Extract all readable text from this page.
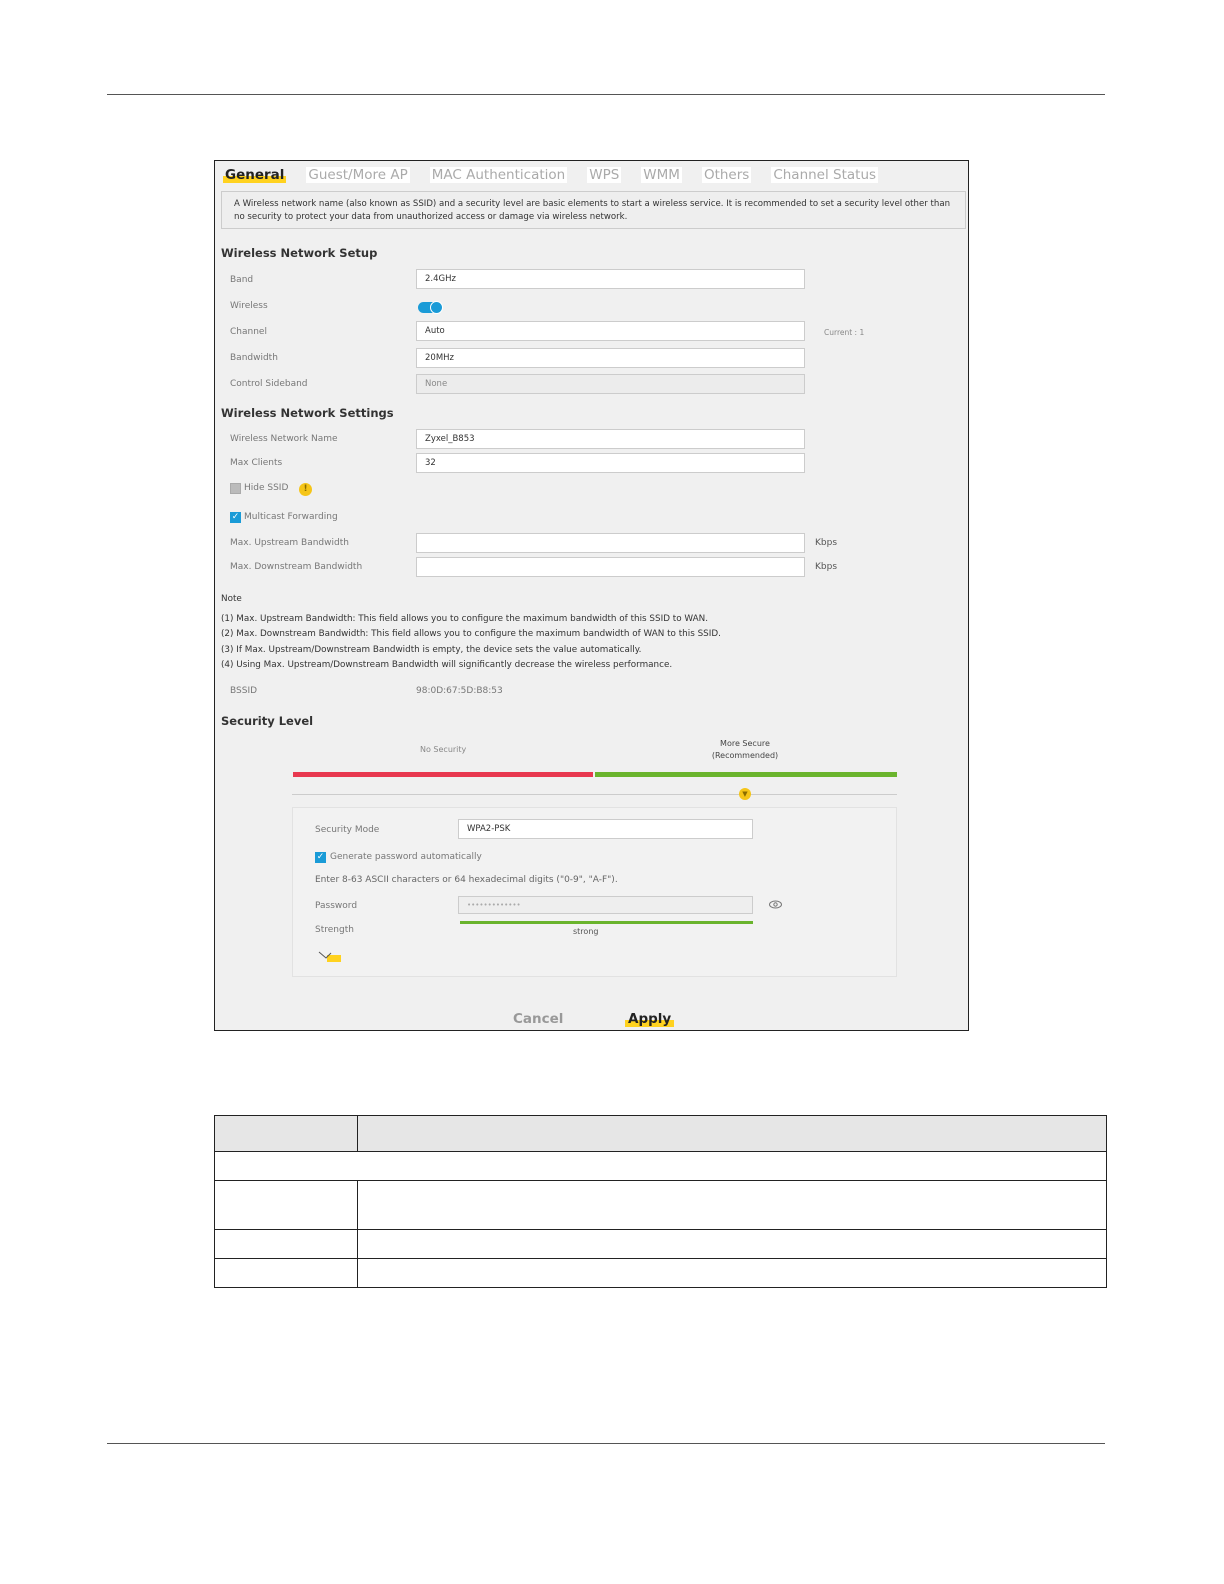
General Guest/More AP MAC Authentication WPS WMM Others Channel Status
A Wireless network name (also known as SSID) and a security level are basic elements to start a wireless service. It is recommended to set a security level other than no security to protect your data from unauthorized access or damage via wireless network.
Wireless Network Setup
Band	2.4GHz
Wireless
Channel	Auto	Current : 1
Bandwidth	20MHz
Control Sideband	None
Wireless Network Settings
Wireless Network Name	Zyxel_B853
Max Clients	32
Hide SSID	!
✓ Multicast Forwarding
Max. Upstream Bandwidth	Kbps
Max. Downstream Bandwidth	Kbps
Note
(1) Max. Upstream Bandwidth: This field allows you to configure the maximum bandwidth of this SSID to WAN.
(2) Max. Downstream Bandwidth: This field allows you to configure the maximum bandwidth of WAN to this SSID.
(3) If Max. Upstream/Downstream Bandwidth is empty, the device sets the value automatically.
(4) Using Max. Upstream/Downstream Bandwidth will significantly decrease the wireless performance.
BSSID	98:0D:67:5D:B8:53
Security Level
No Security
More Secure
(Recommended)
▼
Security Mode	WPA2-PSK
✓ Generate password automatically
Enter 8-63 ASCII characters or 64 hexadecimal digits ("0-9", "A-F").
Password	•••••••••••••
Strength	strong
Cancel	Apply
